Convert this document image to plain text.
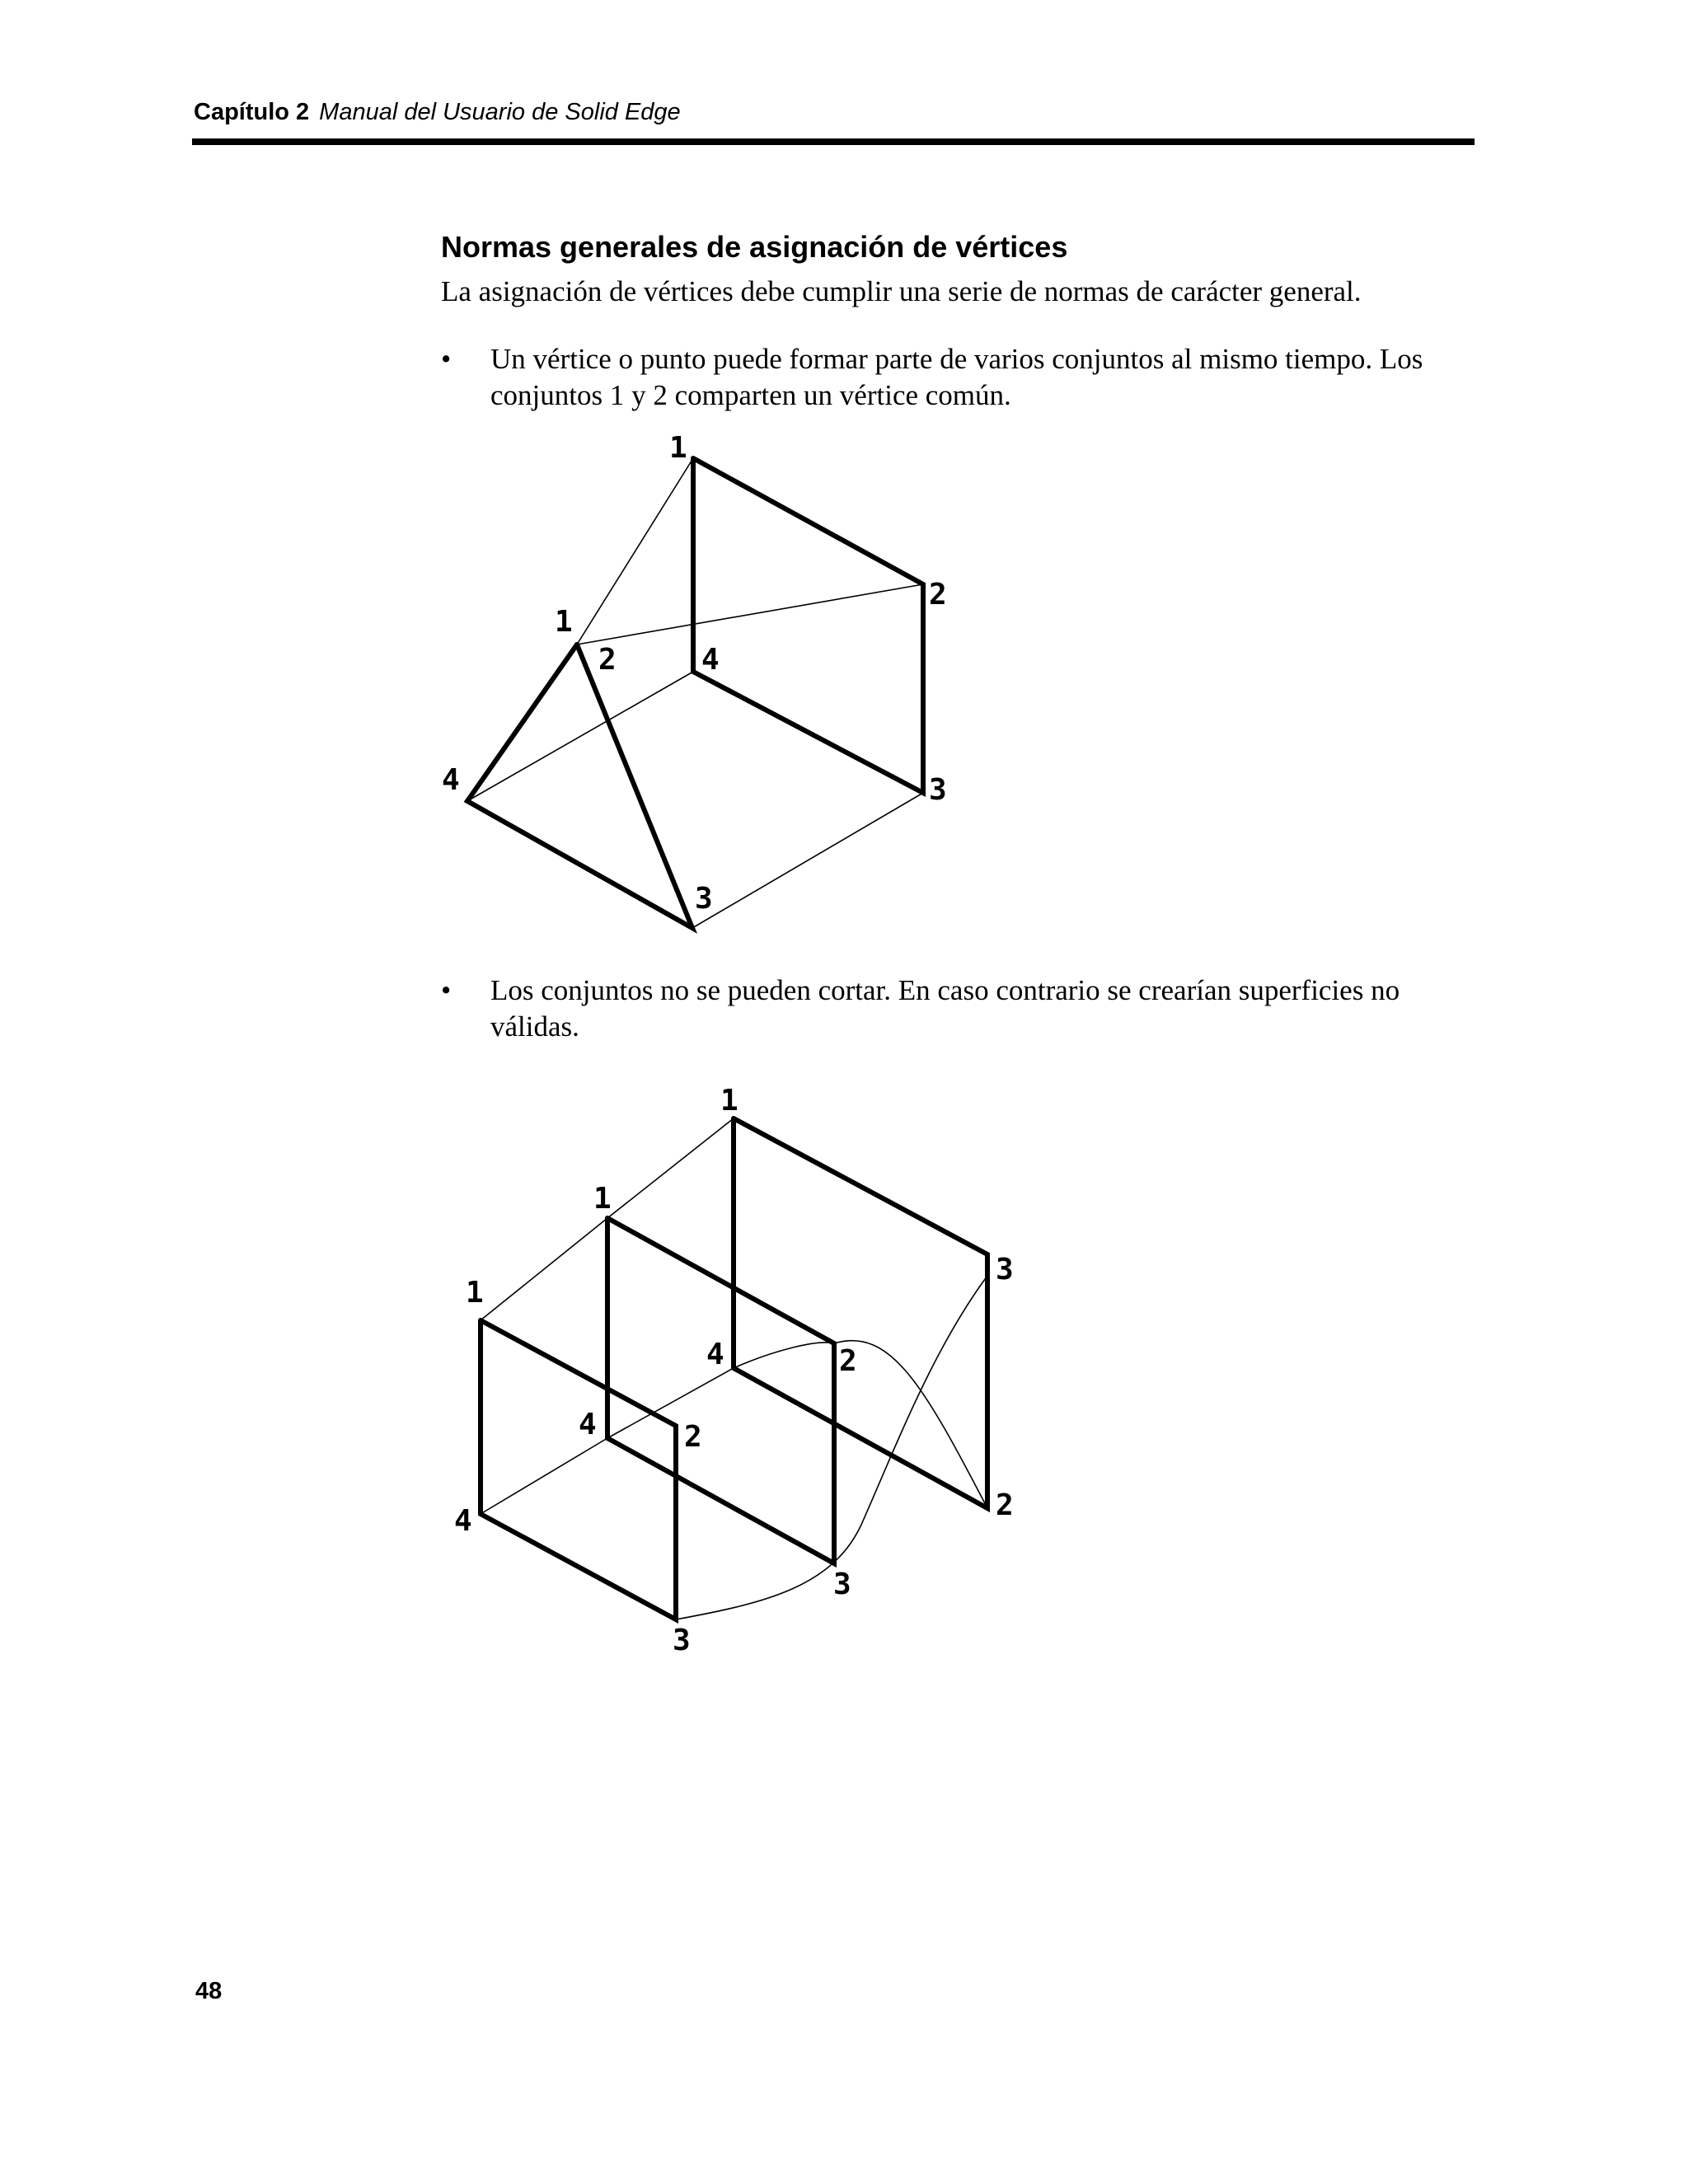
Capítulo 2 Manual del Usuario de Solid Edge
Normas generales de asignación de vértices
La asignación de vértices debe cumplir una serie de normas de carácter general.
•	Un vértice o punto puede formar parte de varios conjuntos al mismo tiempo. Los conjuntos 1 y 2 comparten un vértice común.
•	Los conjuntos no se pueden cortar. En caso contrario se crearían superficies no válidas.
1
2
1
2	4
4	3
3
1
1
3
1
4	2
4	2
2
4
3
3
48
